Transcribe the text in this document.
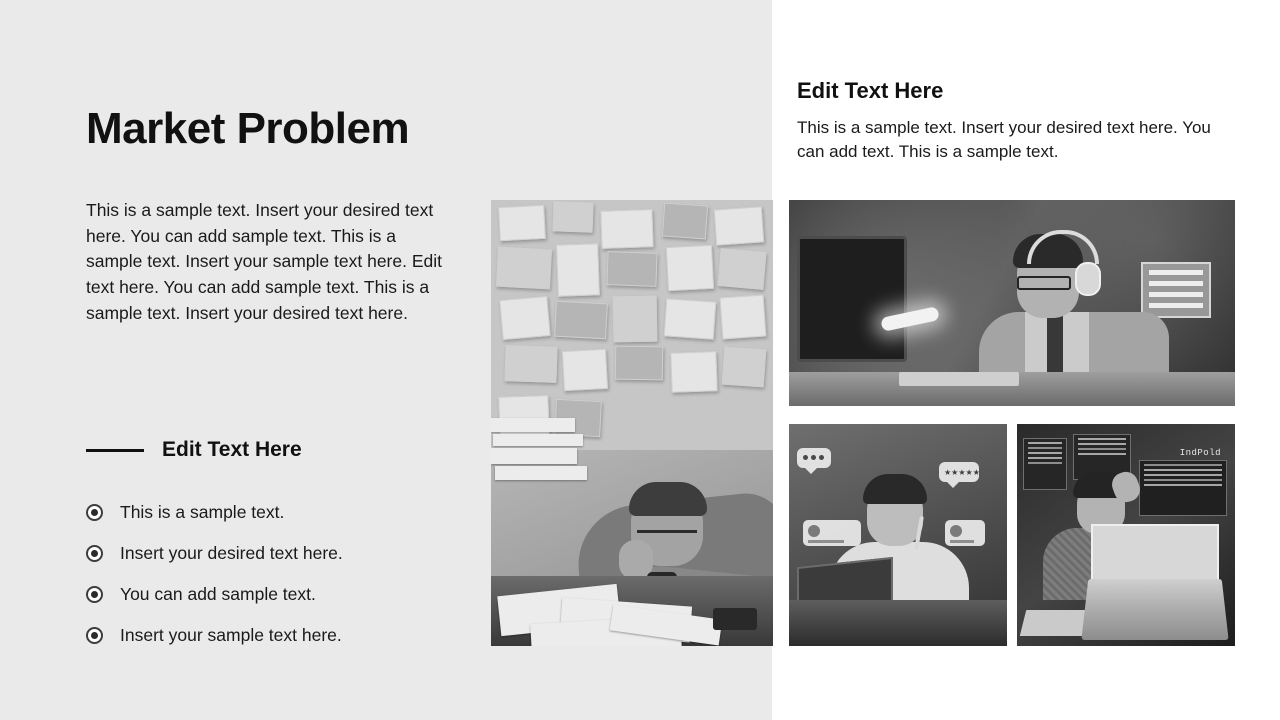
Market Problem
This is a sample text. Insert your desired text here. You can add sample text. This is a sample text. Insert your sample text here. Edit text here. You can add sample text. This is a sample text. Insert your desired text here.
Edit Text Here
This is a sample text.
Insert your desired text here.
You can add sample text.
Insert your sample text here.
Edit Text Here
This is a sample text. Insert your desired text here. You can add text. This is a sample text.
★★★★★
IndPold
